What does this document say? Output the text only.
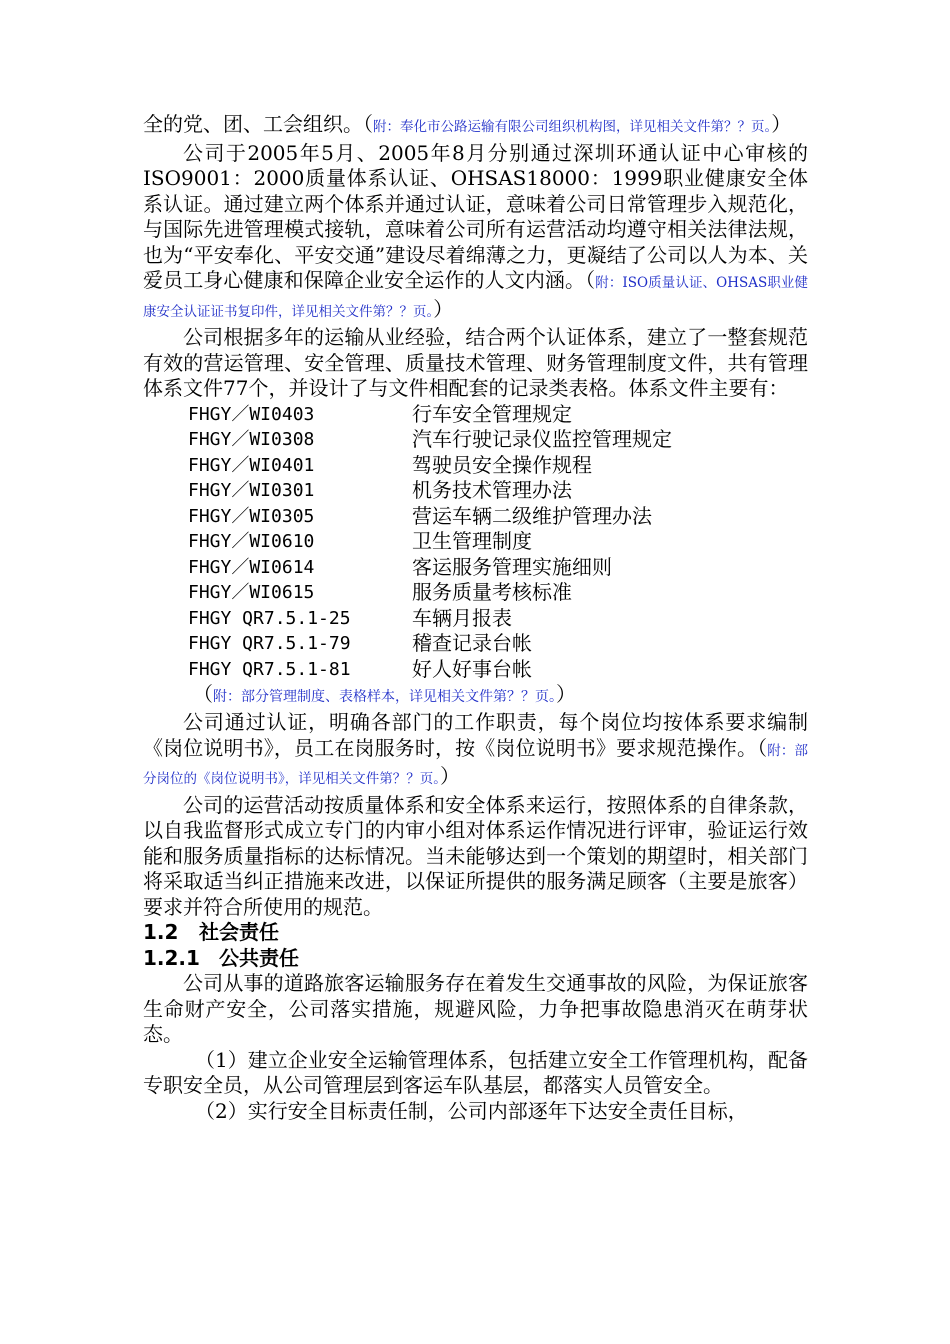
全的党、团、工会组织。（附：奉化市公路运输有限公司组织机构图，详见相关文件第？？页。）

公司于2005年5月、2005年8月分别通过深圳环通认证中心审核的ISO9001：2000质量体系认证、OHSAS18000：1999职业健康安全体系认证。通过建立两个体系并通过认证，意味着公司日常管理步入规范化，与国际先进管理模式接轨，意味着公司所有运营活动均遵守相关法律法规，也为“平安奉化、平安交通”建设尽着绵薄之力，更凝结了公司以人为本、关爱员工身心健康和保障企业安全运作的人文内涵。（附：ISO质量认证、OHSAS职业健康安全认证证书复印件，详见相关文件第？？页。）

公司根据多年的运输从业经验，结合两个认证体系，建立了一整套规范有效的营运管理、安全管理、质量技术管理、财务管理制度文件，共有管理体系文件77个，并设计了与文件相配套的记录类表格。体系文件主要有：

FHGY／WI0403	行车安全管理规定
FHGY／WI0308	汽车行驶记录仪监控管理规定
FHGY／WI0401	驾驶员安全操作规程
FHGY／WI0301	机务技术管理办法
FHGY／WI0305	营运车辆二级维护管理办法
FHGY／WI0610	卫生管理制度
FHGY／WI0614	客运服务管理实施细则
FHGY／WI0615	服务质量考核标准
FHGY QR7.5.1-25	车辆月报表
FHGY QR7.5.1-79	稽查记录台帐
FHGY QR7.5.1-81	好人好事台帐

（附：部分管理制度、表格样本，详见相关文件第？？页。）

公司通过认证，明确各部门的工作职责，每个岗位均按体系要求编制《岗位说明书》，员工在岗服务时，按《岗位说明书》要求规范操作。（附：部分岗位的《岗位说明书》，详见相关文件第？？页。）

公司的运营活动按质量体系和安全体系来运行，按照体系的自律条款，以自我监督形式成立专门的内审小组对体系运作情况进行评审，验证运行效能和服务质量指标的达标情况。当未能够达到一个策划的期望时，相关部门将采取适当纠正措施来改进，以保证所提供的服务满足顾客（主要是旅客）要求并符合所使用的规范。

1.2 社会责任
1.2.1 公共责任

公司从事的道路旅客运输服务存在着发生交通事故的风险，为保证旅客生命财产安全，公司落实措施，规避风险，力争把事故隐患消灭在萌芽状态。

（1）建立企业安全运输管理体系，包括建立安全工作管理机构，配备专职安全员，从公司管理层到客运车队基层，都落实人员管安全。

（2）实行安全目标责任制，公司内部逐年下达安全责任目标，
